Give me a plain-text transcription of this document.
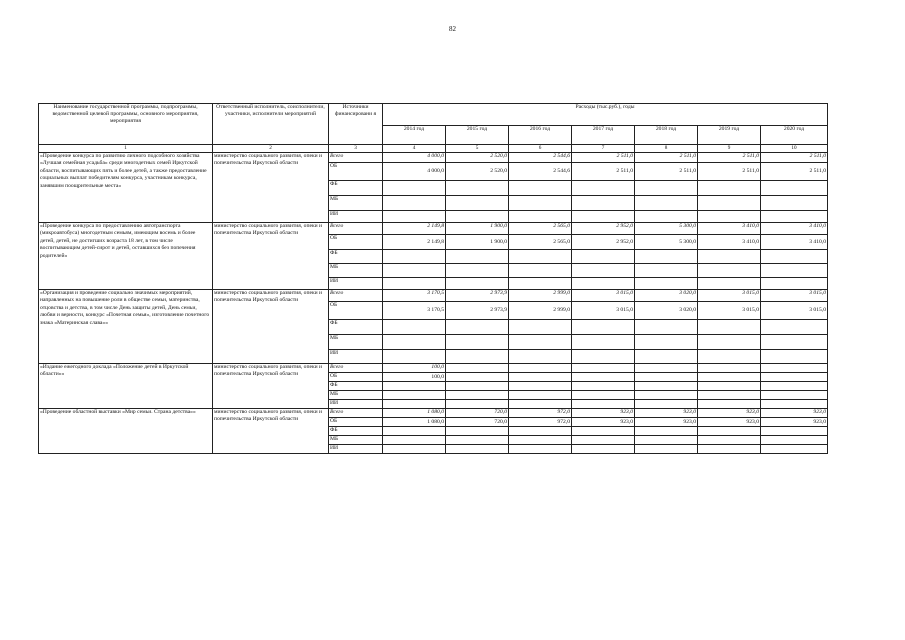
82
Наименование государственной программы, подпрограммы, ведомственной целевой программы, основного мероприятия, мероприятия	Ответственный исполнитель, соисполнители, участники, исполнители мероприятий	Источники финансировани я	Расходы (тыс.руб.), годы						
			2014 год	2015 год	2016 год	2017 год	2018 год	2019 год	2020 год
1	2	3	4	5	6	7	8	9	10
«Проведение конкурса по развитию личного подсобного хозяйства «Лучшая семейная усадьба» среди многодетных семей Иркутской области, воспитывающих пять и более детей, а также предоставление социальных выплат победителям конкурса, участникам конкурса, занявшим поощрительные места»	министерство социального развития, опеки и попечительства Иркутской области	Всего	4 000,0	2 520,0	2 544,6	2 511,0	2 511,0	2 511,0	2 511,0
		ОБ	4 000,0	2 520,0	2 544,6	2 511,0	2 511,0	2 511,0	2 511,0
		ФБ							
		МБ							
		ИИ							
«Проведение конкурса по предоставлению автотранспорта (микроавтобуса) многодетным семьям, имеющим восемь и более детей, детей, не достигших возраста 18 лет, в том числе воспитывающим детей-сирот и детей, оставшихся без попечения родителей»	министерство социального развития, опеки и попечительства Иркутской области	Всего	2 149,8	1 900,0	2 565,0	2 952,0	5 300,0	3 410,0	3 410,0
		ОБ	2 149,8	1 900,0	2 565,0	2 952,0	5 300,0	3 410,0	3 410,0
		ФБ							
		МБ							
		ИИ							
«Организация и проведение социально значимых мероприятий, направленных на повышение роли в обществе семьи, материнства, отцовства и детства, в том числе День защиты детей, День семьи, любви и верности, конкурс «Почетная семья», изготовление почетного знака «Материнская слава»»	министерство социального развития, опеки и попечительства Иркутской области	Всего	3 170,5	2 973,9	2 999,0	3 015,0	3 020,0	3 015,0	3 015,0
		ОБ	3 170,5	2 973,9	2 999,0	3 015,0	3 020,0	3 015,0	3 015,0
		ФБ							
		МБ							
		ИИ							
«Издание ежегодного доклада «Положение детей в Иркутской области»»	министерство социального развития, опеки и попечительства Иркутской области	Всего	100,0						
		ОБ	100,0						
		ФБ							
		МБ							
		ИИ							
«Проведение областной выставки «Мир семьи. Страна детства»»	министерство социального развития, опеки и попечительства Иркутской области	Всего	1 080,0	720,0	972,0	923,0	923,0	923,0	923,0
		ОБ	1 080,0	720,0	972,0	923,0	923,0	923,0	923,0
		ФБ							
		МБ							
		ИИ							
